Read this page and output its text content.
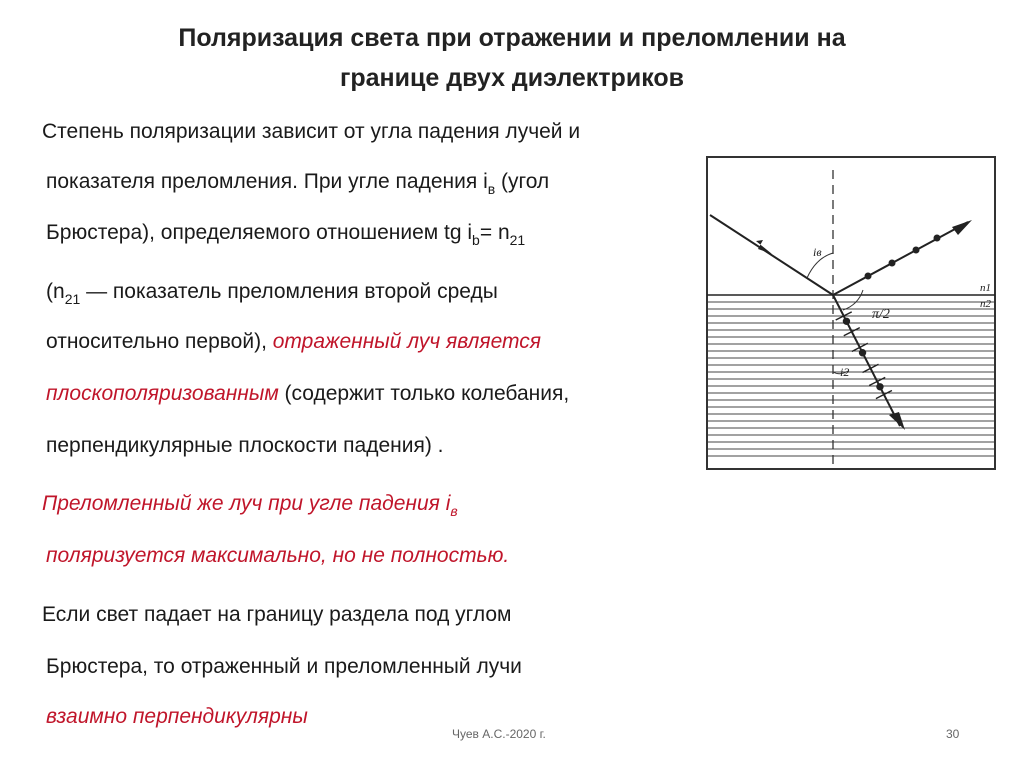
Поляризация света при отражении и преломлении на
границе двух диэлектриков
Степень поляризации зависит от угла падения лучей и
показателя преломления. При угле падения $i_в$ (угол
Брюстера), определяемого отношением tg $i_b= n_{21}$
($n_{21}$ — показатель преломления второй среды
относительно первой), отраженный луч является
плоскополяризованным (содержит только колебания,
перпендикулярные плоскости падения) .
Преломленный же луч при угле падения $i_в$
поляризуется максимально, но не полностью.
Если свет падает на границу раздела под углом
Брюстера, то отраженный и преломленный лучи
взаимно перпендикулярны
iв
π/2
i2
n1
n2
Чуев А.С.-2020 г.	30
